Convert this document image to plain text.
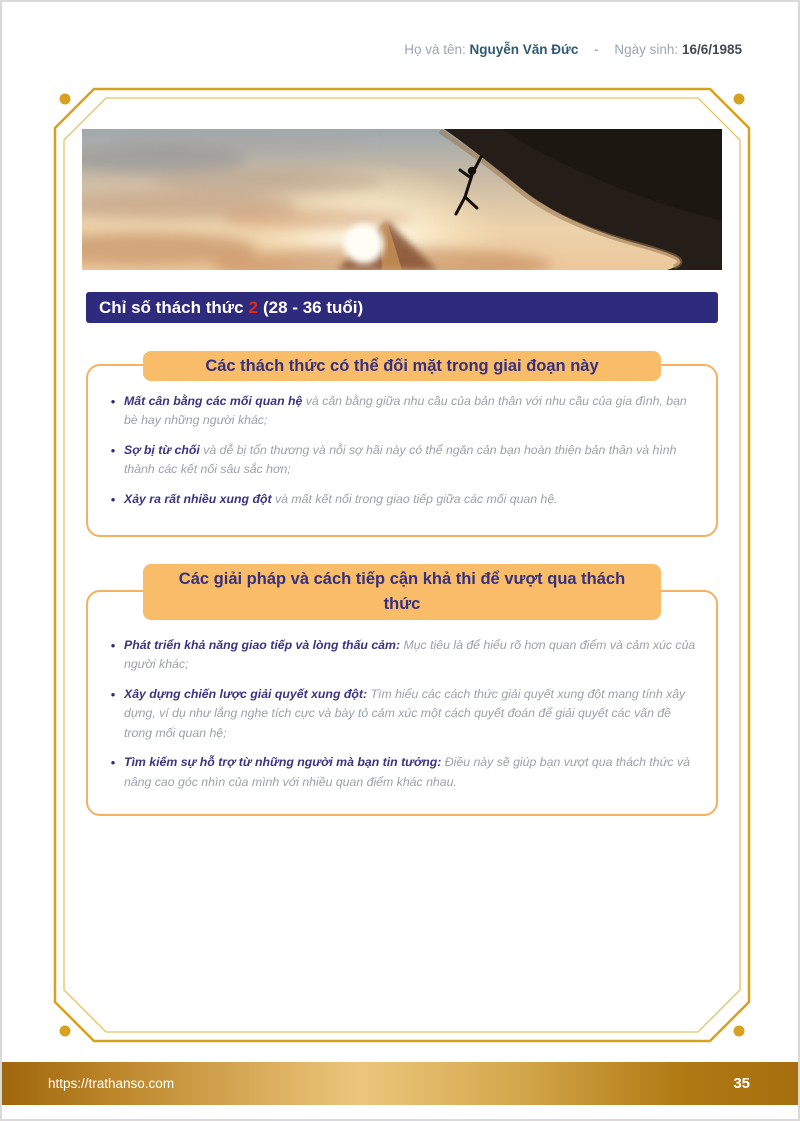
Họ và tên: Nguyễn Văn Đức - Ngày sinh: 16/6/1985
Chỉ số thách thức 2 (28 - 36 tuổi)
Các thách thức có thể đối mặt trong giai đoạn này
• Mất cân bằng các mối quan hệ và cân bằng giữa nhu cầu của bản thân với nhu cầu của gia đình, bạn bè hay những người khác;
• Sợ bị từ chối và dễ bị tổn thương và nỗi sợ hãi này có thể ngăn cản bạn hoàn thiện bản thân và hình thành các kết nối sâu sắc hơn;
• Xảy ra rất nhiều xung đột và mất kết nối trong giao tiếp giữa các mối quan hệ.
Các giải pháp và cách tiếp cận khả thi để vượt qua thách thức
• Phát triển khả năng giao tiếp và lòng thấu cảm: Mục tiêu là để hiểu rõ hơn quan điểm và cảm xúc của người khác;
• Xây dựng chiến lược giải quyết xung đột: Tìm hiểu các cách thức giải quyết xung đột mang tính xây dựng, ví dụ như lắng nghe tích cực và bày tỏ cảm xúc một cách quyết đoán để giải quyết các vấn đề trong mối quan hệ;
• Tìm kiếm sự hỗ trợ từ những người mà bạn tin tưởng: Điều này sẽ giúp bạn vượt qua thách thức và nâng cao góc nhìn của mình với nhiều quan điểm khác nhau.
https://trathanso.com	35
